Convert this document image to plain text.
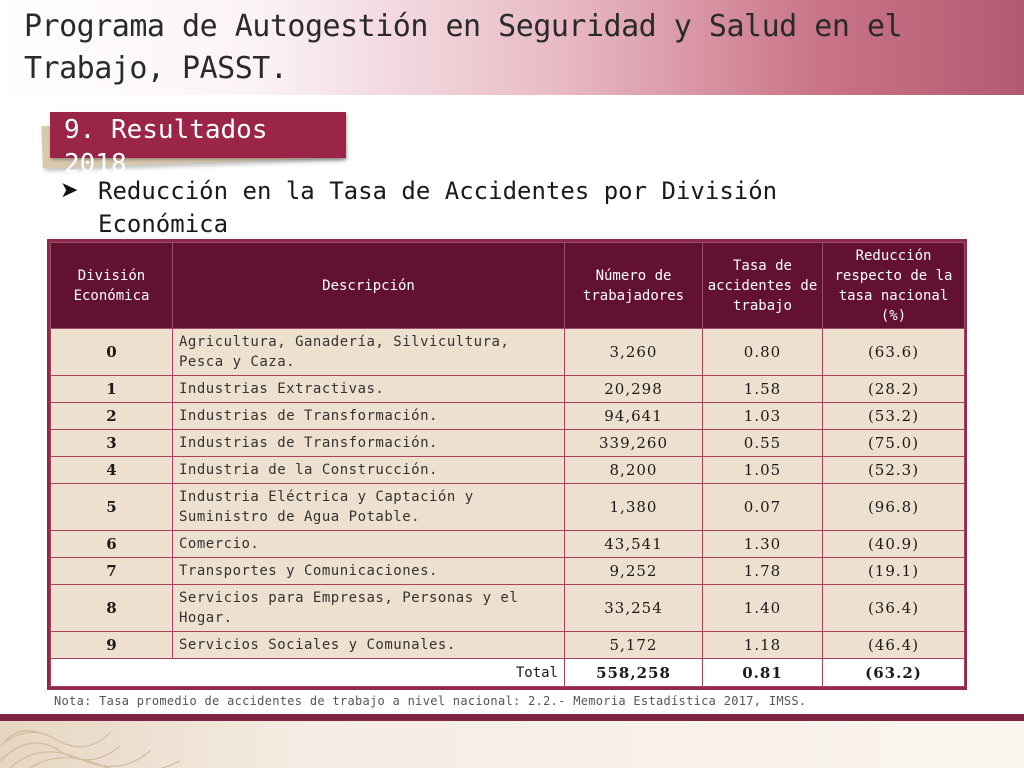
Programa de Autogestión en Seguridad y Salud en el Trabajo, PASST.
9. Resultados 2018
➤ Reducción en la Tasa de Accidentes por División Económica
División Económica	Descripción	Número de trabajadores	Tasa de accidentes de trabajo	Reducción respecto de la tasa nacional (%)
0	Agricultura, Ganadería, Silvicultura, Pesca y Caza.	3,260	0.80	(63.6)
1	Industrias Extractivas.	20,298	1.58	(28.2)
2	Industrias de Transformación.	94,641	1.03	(53.2)
3	Industrias de Transformación.	339,260	0.55	(75.0)
4	Industria de la Construcción.	8,200	1.05	(52.3)
5	Industria Eléctrica y Captación y Suministro de Agua Potable.	1,380	0.07	(96.8)
6	Comercio.	43,541	1.30	(40.9)
7	Transportes y Comunicaciones.	9,252	1.78	(19.1)
8	Servicios para Empresas, Personas y el Hogar.	33,254	1.40	(36.4)
9	Servicios Sociales y Comunales.	5,172	1.18	(46.4)
Total		558,258	0.81	(63.2)
Nota: Tasa promedio de accidentes de trabajo a nivel nacional: 2.2.- Memoria Estadística 2017, IMSS.
